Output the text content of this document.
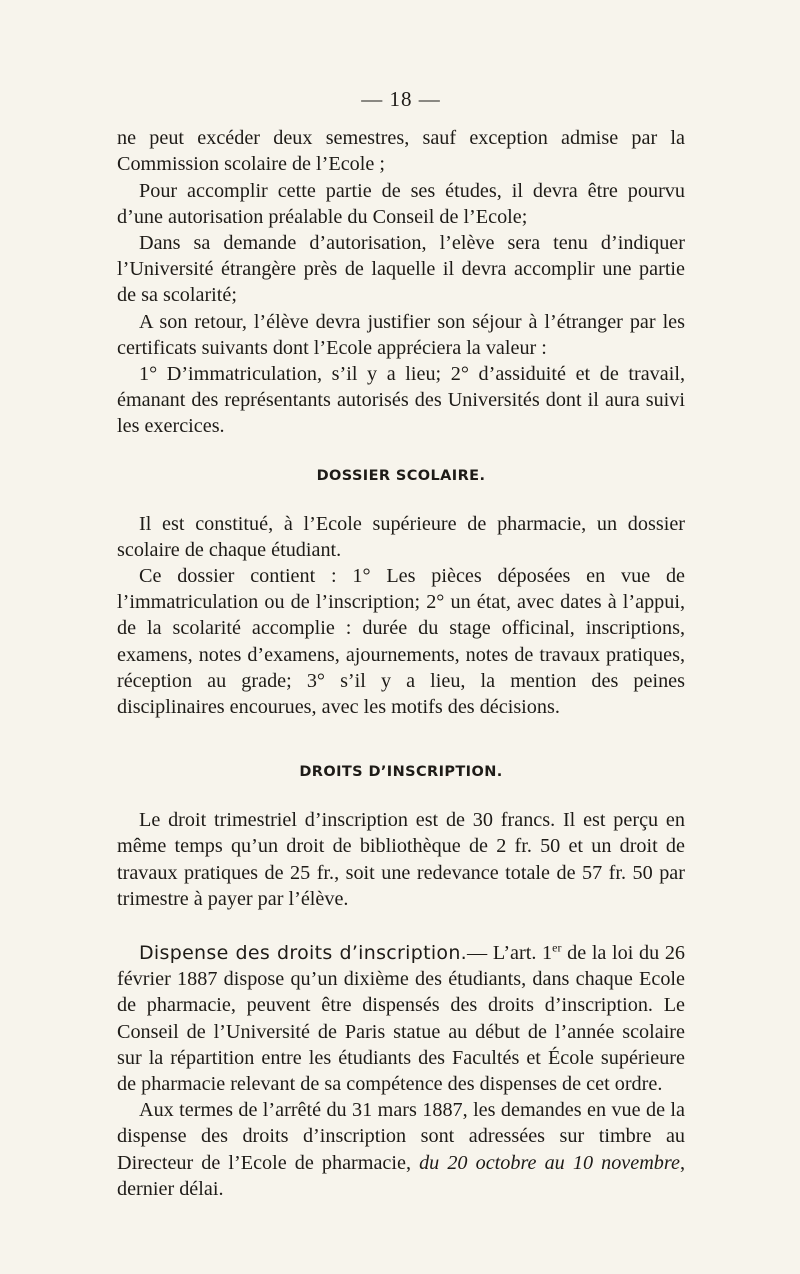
— 18 —

ne peut excéder deux semestres, sauf exception admise par la Commission scolaire de l’Ecole ;

Pour accomplir cette partie de ses études, il devra être pourvu d’une autorisation préalable du Conseil de l’Ecole;

Dans sa demande d’autorisation, l’elève sera tenu d’indiquer l’Université étrangère près de laquelle il devra accomplir une partie de sa scolarité;

A son retour, l’élève devra justifier son séjour à l’étranger par les certificats suivants dont l’Ecole appréciera la valeur :

1° D’immatriculation, s’il y a lieu; 2° d’assiduité et de travail, émanant des représentants autorisés des Universités dont il aura suivi les exercices.

DOSSIER SCOLAIRE.

Il est constitué, à l’Ecole supérieure de pharmacie, un dossier scolaire de chaque étudiant.

Ce dossier contient : 1° Les pièces déposées en vue de l’immatriculation ou de l’inscription; 2° un état, avec dates à l’appui, de la scolarité accomplie : durée du stage officinal, inscriptions, examens, notes d’examens, ajournements, notes de travaux pratiques, réception au grade; 3° s’il y a lieu, la mention des peines disciplinaires encourues, avec les motifs des décisions.

DROITS D’INSCRIPTION.

Le droit trimestriel d’inscription est de 30 francs. Il est perçu en même temps qu’un droit de bibliothèque de 2 fr. 50 et un droit de travaux pratiques de 25 fr., soit une redevance totale de 57 fr. 50 par trimestre à payer par l’élève.

Dispense des droits d’inscription.— L’art. 1er de la loi du 26 février 1887 dispose qu’un dixième des étudiants, dans chaque Ecole de pharmacie, peuvent être dispensés des droits d’inscription. Le Conseil de l’Université de Paris statue au début de l’année scolaire sur la répartition entre les étudiants des Facultés et École supérieure de pharmacie relevant de sa compétence des dispenses de cet ordre.

Aux termes de l’arrêté du 31 mars 1887, les demandes en vue de la dispense des droits d’inscription sont adressées sur timbre au Directeur de l’Ecole de pharmacie, du 20 octobre au 10 novembre, dernier délai.
